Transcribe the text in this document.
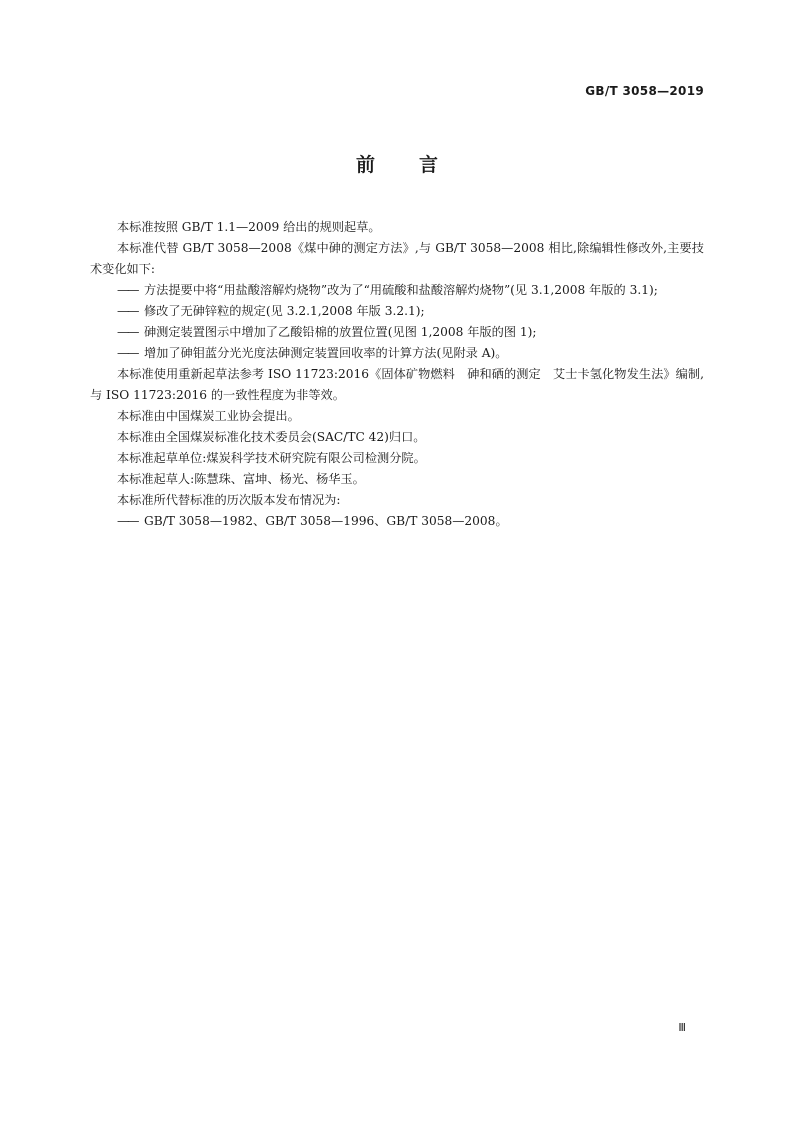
GB/T 3058—2019
前言

本标准按照 GB/T 1.1—2009 给出的规则起草。

本标准代替 GB/T 3058—2008《煤中砷的测定方法》,与 GB/T 3058—2008 相比,除编辑性修改外,主要技术变化如下:

—— 方法提要中将“用盐酸溶解灼烧物”改为了“用硫酸和盐酸溶解灼烧物”(见 3.1,2008 年版的 3.1);

—— 修改了无砷锌粒的规定(见 3.2.1,2008 年版 3.2.1);

—— 砷测定装置图示中增加了乙酸铅棉的放置位置(见图 1,2008 年版的图 1);

—— 增加了砷钼蓝分光光度法砷测定装置回收率的计算方法(见附录 A)。

本标准使用重新起草法参考 ISO 11723:2016《固体矿物燃料　砷和硒的测定　艾士卡氢化物发生法》编制,与 ISO 11723:2016 的一致性程度为非等效。

本标准由中国煤炭工业协会提出。

本标准由全国煤炭标准化技术委员会(SAC/TC 42)归口。

本标准起草单位:煤炭科学技术研究院有限公司检测分院。

本标准起草人:陈慧珠、富坤、杨光、杨华玉。

本标准所代替标准的历次版本发布情况为:

—— GB/T 3058—1982、GB/T 3058—1996、GB/T 3058—2008。

Ⅲ
